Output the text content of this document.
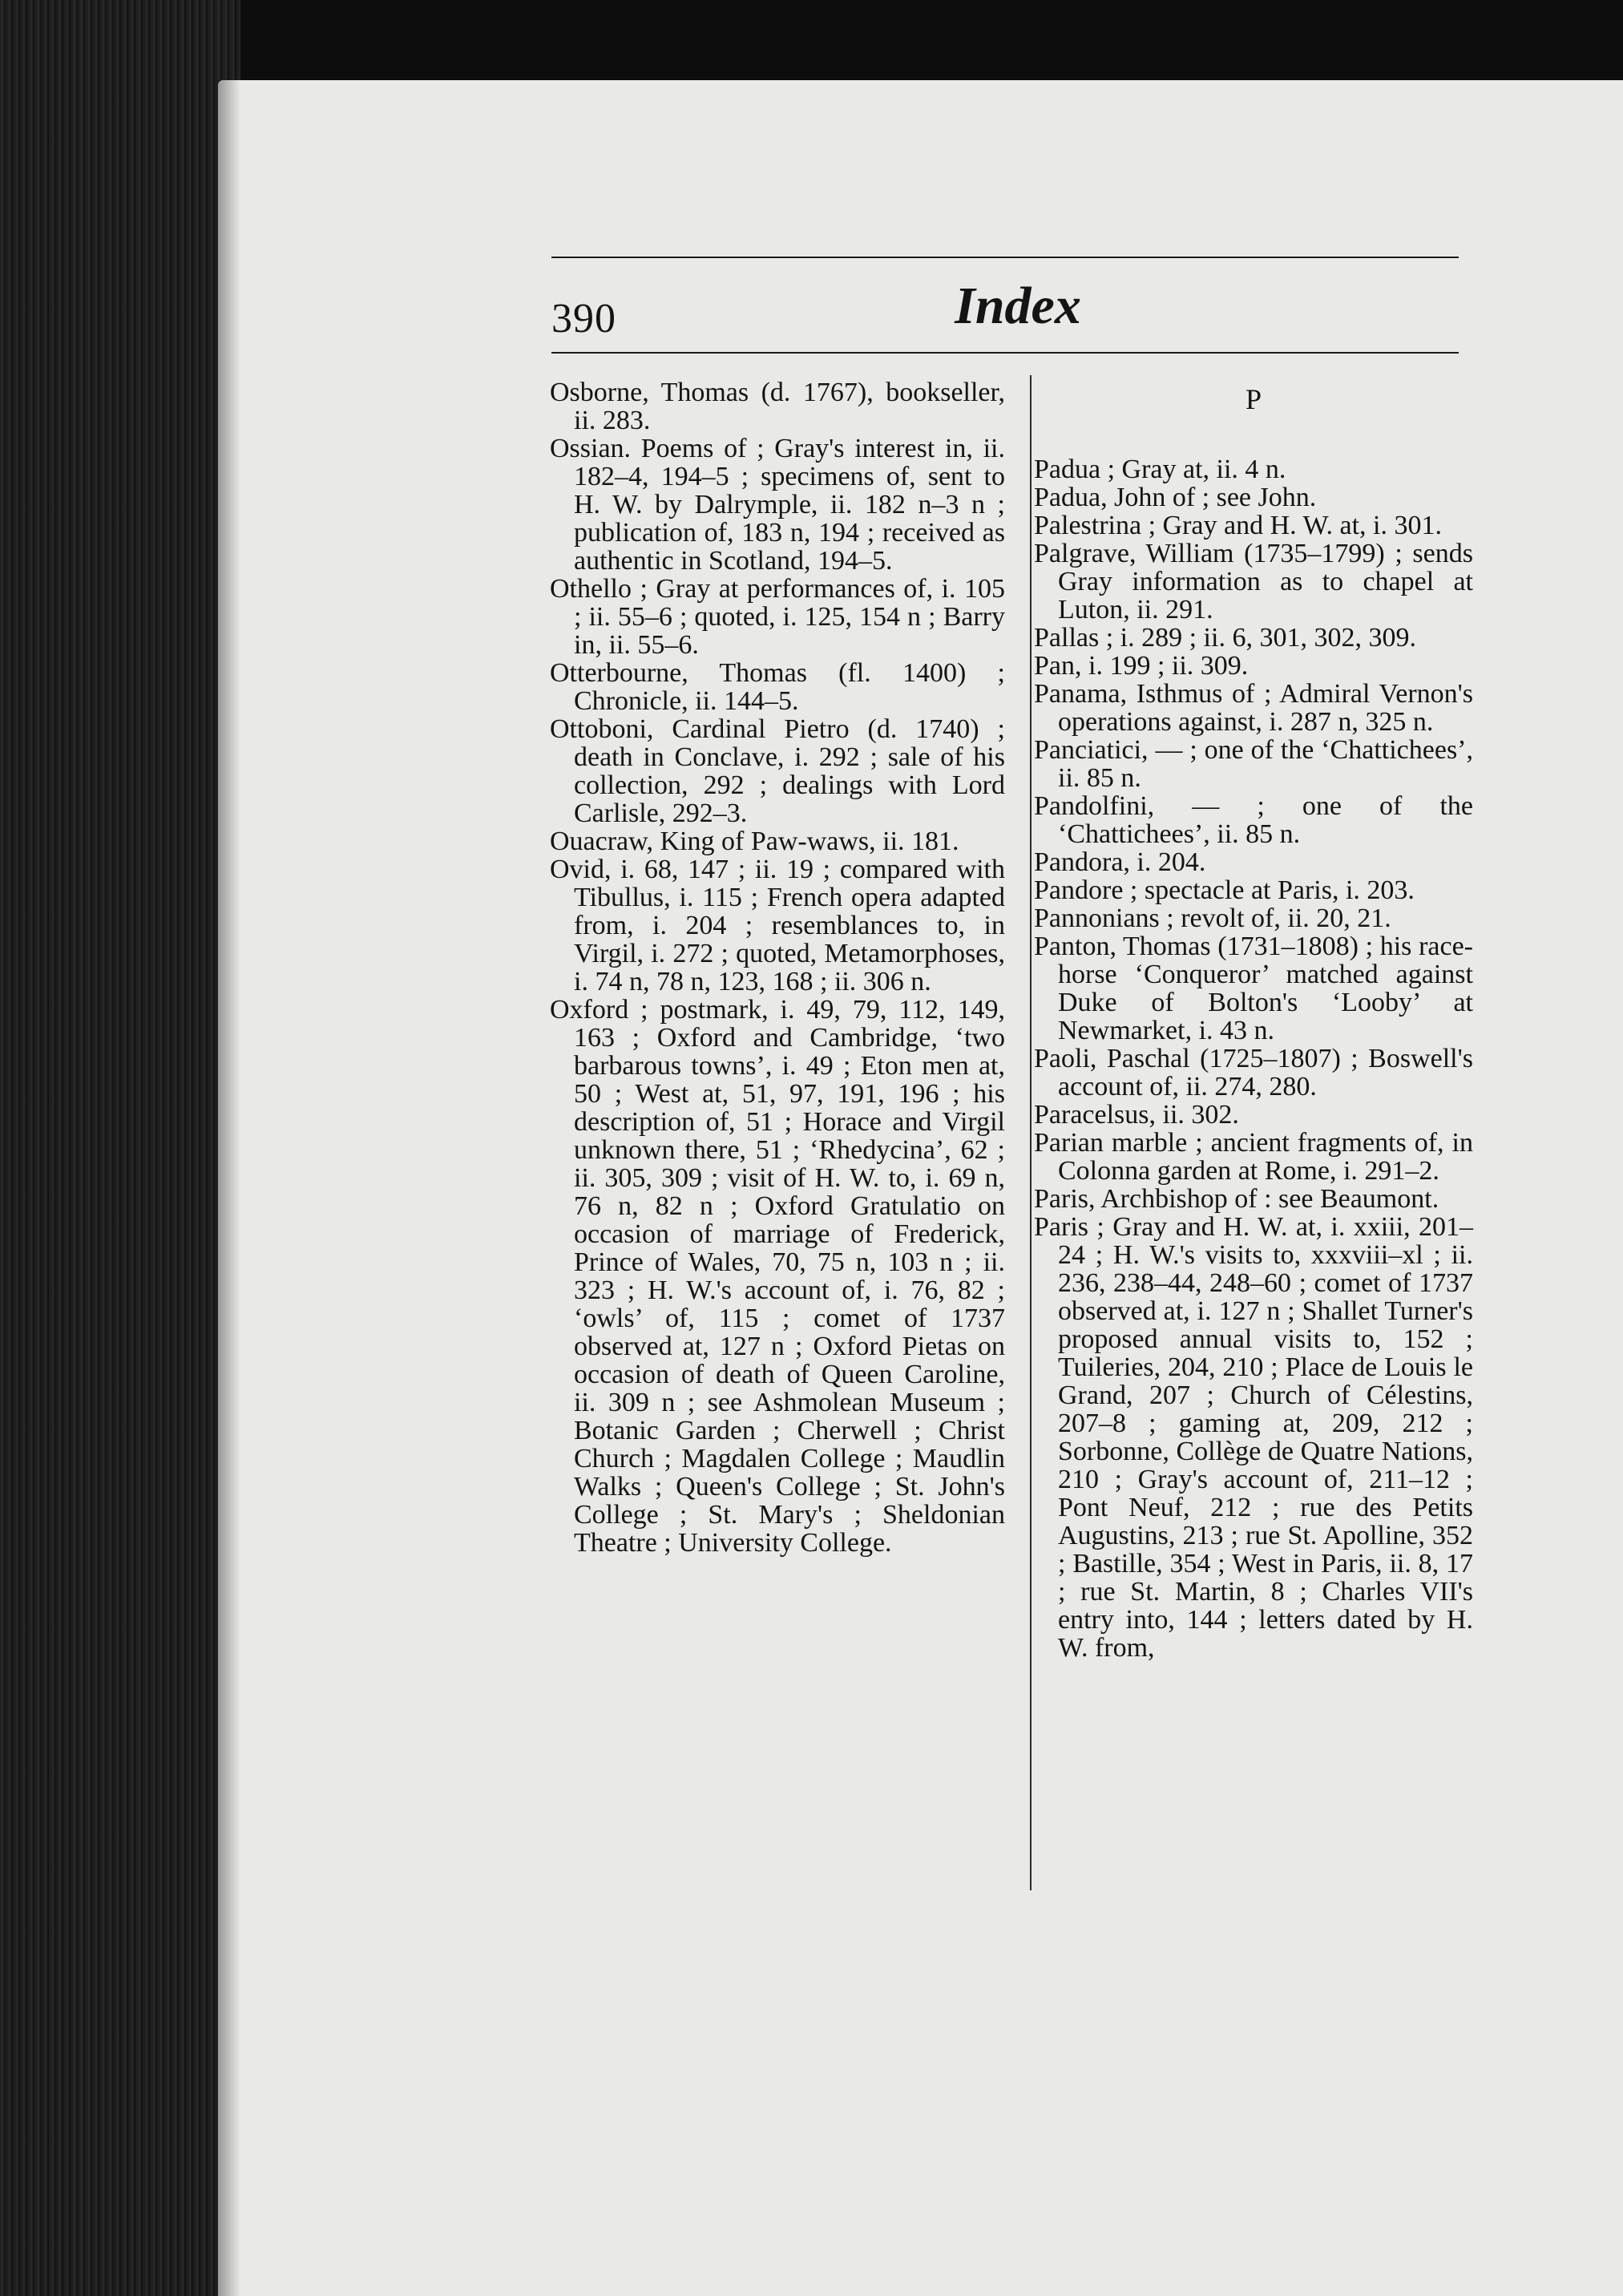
390	Index

Osborne, Thomas (d. 1767), bookseller, ii. 283.

Ossian. Poems of ; Gray's interest in, ii. 182–4, 194–5 ; specimens of, sent to H. W. by Dalrymple, ii. 182 n–3 n ; publication of, 183 n, 194 ; received as authentic in Scotland, 194–5.

Othello ; Gray at performances of, i. 105 ; ii. 55–6 ; quoted, i. 125, 154 n ; Barry in, ii. 55–6.

Otterbourne, Thomas (fl. 1400) ; Chronicle, ii. 144–5.

Ottoboni, Cardinal Pietro (d. 1740) ; death in Conclave, i. 292 ; sale of his collection, 292 ; dealings with Lord Carlisle, 292–3.

Ouacraw, King of Paw-waws, ii. 181.

Ovid, i. 68, 147 ; ii. 19 ; compared with Tibullus, i. 115 ; French opera adapted from, i. 204 ; resemblances to, in Virgil, i. 272 ; quoted, Metamorphoses, i. 74 n, 78 n, 123, 168 ; ii. 306 n.

Oxford ; postmark, i. 49, 79, 112, 149, 163 ; Oxford and Cambridge, ‘two barbarous towns’, i. 49 ; Eton men at, 50 ; West at, 51, 97, 191, 196 ; his description of, 51 ; Horace and Virgil unknown there, 51 ; ‘Rhedycina’, 62 ; ii. 305, 309 ; visit of H. W. to, i. 69 n, 76 n, 82 n ; Oxford Gratulatio on occasion of marriage of Frederick, Prince of Wales, 70, 75 n, 103 n ; ii. 323 ; H. W.'s account of, i. 76, 82 ; ‘owls’ of, 115 ; comet of 1737 observed at, 127 n ; Oxford Pietas on occasion of death of Queen Caroline, ii. 309 n ; see Ashmolean Museum ; Botanic Garden ; Cherwell ; Christ Church ; Magdalen College ; Maudlin Walks ; Queen's College ; St. John's College ; St. Mary's ; Sheldonian Theatre ; University College.

P

Padua ; Gray at, ii. 4 n.

Padua, John of ; see John.

Palestrina ; Gray and H. W. at, i. 301.

Palgrave, William (1735–1799) ; sends Gray information as to chapel at Luton, ii. 291.

Pallas ; i. 289 ; ii. 6, 301, 302, 309.

Pan, i. 199 ; ii. 309.

Panama, Isthmus of ; Admiral Vernon's operations against, i. 287 n, 325 n.

Panciatici, — ; one of the ‘Chattichees’, ii. 85 n.

Pandolfini, — ; one of the ‘Chattichees’, ii. 85 n.

Pandora, i. 204.

Pandore ; spectacle at Paris, i. 203.

Pannonians ; revolt of, ii. 20, 21.

Panton, Thomas (1731–1808) ; his race-horse ‘Conqueror’ matched against Duke of Bolton's ‘Looby’ at Newmarket, i. 43 n.

Paoli, Paschal (1725–1807) ; Boswell's account of, ii. 274, 280.

Paracelsus, ii. 302.

Parian marble ; ancient fragments of, in Colonna garden at Rome, i. 291–2.

Paris, Archbishop of : see Beaumont.

Paris ; Gray and H. W. at, i. xxiii, 201–24 ; H. W.'s visits to, xxxviii–xl ; ii. 236, 238–44, 248–60 ; comet of 1737 observed at, i. 127 n ; Shallet Turner's proposed annual visits to, 152 ; Tuileries, 204, 210 ; Place de Louis le Grand, 207 ; Church of Célestins, 207–8 ; gaming at, 209, 212 ; Sorbonne, Collège de Quatre Nations, 210 ; Gray's account of, 211–12 ; Pont Neuf, 212 ; rue des Petits Augustins, 213 ; rue St. Apolline, 352 ; Bastille, 354 ; West in Paris, ii. 8, 17 ; rue St. Martin, 8 ; Charles VII's entry into, 144 ; letters dated by H. W. from,
